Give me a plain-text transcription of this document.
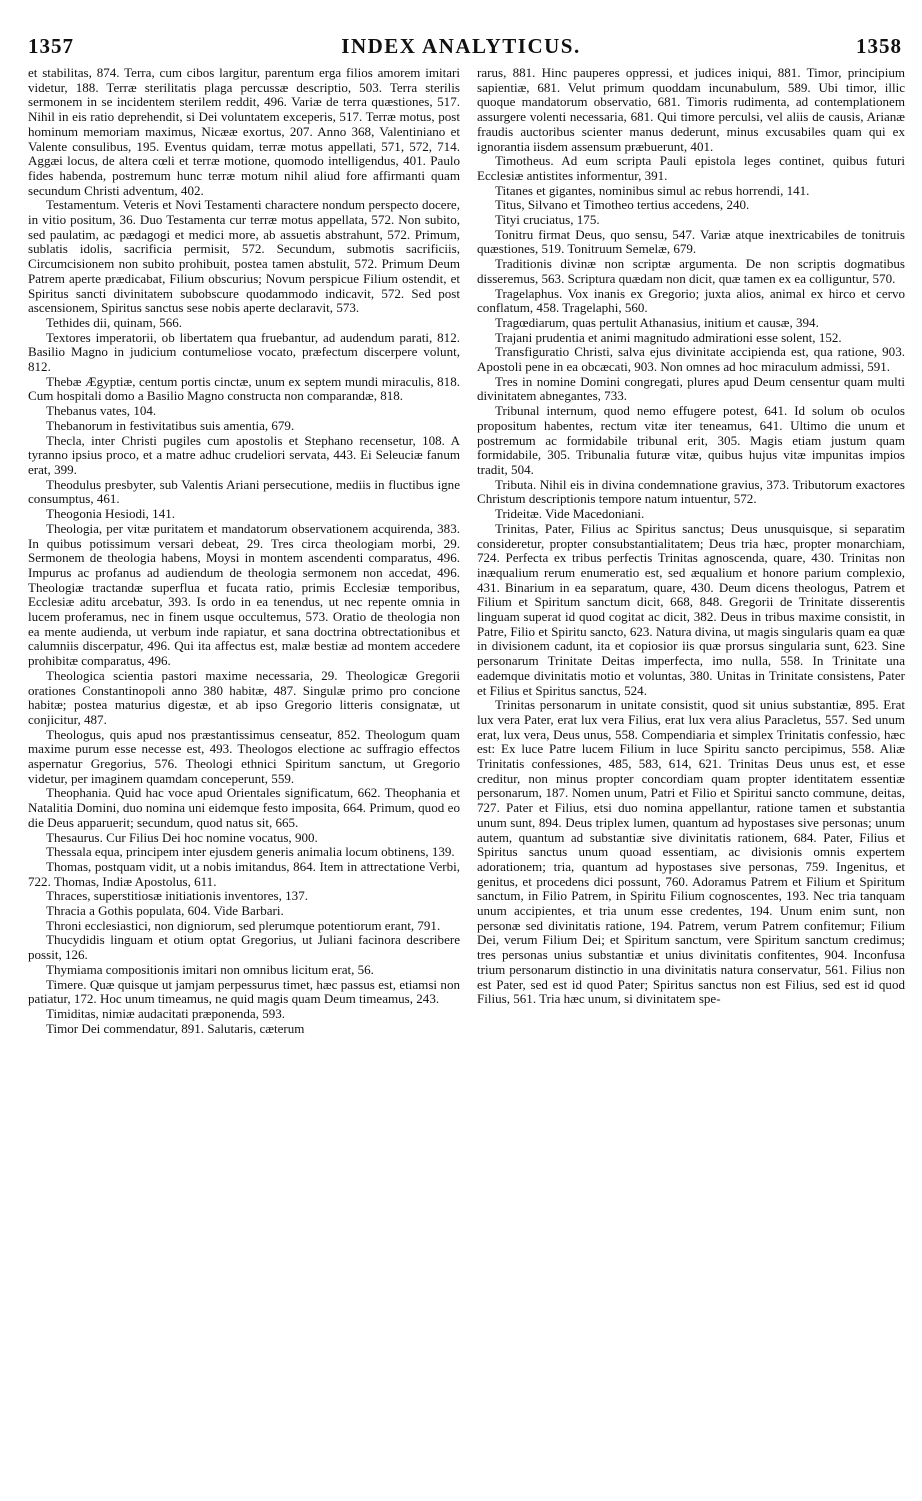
1357	INDEX ANALYTICUS.	1358

et stabilitas, 874. Terra, cum cibos largitur, parentum erga filios amorem imitari videtur, 188. Terræ sterilitatis plaga percussæ descriptio, 503. Terra sterilis sermonem in se incidentem sterilem reddit, 496. Variæ de terra quæstiones, 517. Nihil in eis ratio deprehendit, si Dei voluntatem exceperis, 517. Terræ motus, post hominum memoriam maximus, Nicææ exortus, 207. Anno 368, Valentiniano et Valente consulibus, 195. Eventus quidam, terræ motus appellati, 571, 572, 714. Aggæi locus, de altera cœli et terræ motione, quomodo intelligendus, 401. Paulo fides habenda, postremum hunc terræ motum nihil aliud fore affirmanti quam secundum Christi adventum, 402.

Testamentum. Veteris et Novi Testamenti charactere nondum perspecto docere, in vitio positum, 36. Duo Testamenta cur terræ motus appellata, 572. Non subito, sed paulatim, ac pædagogi et medici more, ab assuetis abstrahunt, 572. Primum, sublatis idolis, sacrificia permisit, 572. Secundum, submotis sacrificiis, Circumcisionem non subito prohibuit, postea tamen abstulit, 572. Primum Deum Patrem aperte prædicabat, Filium obscurius; Novum perspicue Filium ostendit, et Spiritus sancti divinitatem subobscure quodammodo indicavit, 572. Sed post ascensionem, Spiritus sanctus sese nobis aperte declaravit, 573.

Tethides dii, quinam, 566.

Textores imperatorii, ob libertatem qua fruebantur, ad audendum parati, 812. Basilio Magno in judicium contumeliose vocato, præfectum discerpere volunt, 812.

Thebæ Ægyptiæ, centum portis cinctæ, unum ex septem mundi miraculis, 818. Cum hospitali domo a Basilio Magno constructa non comparandæ, 818.

Thebanus vates, 104.

Thebanorum in festivitatibus suis amentia, 679.

Thecla, inter Christi pugiles cum apostolis et Stephano recensetur, 108. A tyranno ipsius proco, et a matre adhuc crudeliori servata, 443. Ei Seleuciæ fanum erat, 399.

Theodulus presbyter, sub Valentis Ariani persecutione, mediis in fluctibus igne consumptus, 461.

Theogonia Hesiodi, 141.

Theologia, per vitæ puritatem et mandatorum observationem acquirenda, 383. In quibus potissimum versari debeat, 29. Tres circa theologiam morbi, 29. Sermonem de theologia habens, Moysi in montem ascendenti comparatus, 496. Impurus ac profanus ad audiendum de theologia sermonem non accedat, 496. Theologiæ tractandæ superflua et fucata ratio, primis Ecclesiæ temporibus, Ecclesiæ aditu arcebatur, 393. Is ordo in ea tenendus, ut nec repente omnia in lucem proferamus, nec in finem usque occultemus, 573. Oratio de theologia non ea mente audienda, ut verbum inde rapiatur, et sana doctrina obtrectationibus et calumniis discerpatur, 496. Qui ita affectus est, malæ bestiæ ad montem accedere prohibitæ comparatus, 496.

Theologica scientia pastori maxime necessaria, 29. Theologicæ Gregorii orationes Constantinopoli anno 380 habitæ, 487. Singulæ primo pro concione habitæ; postea maturius digestæ, et ab ipso Gregorio litteris consignatæ, ut conjicitur, 487.

Theologus, quis apud nos præstantissimus censeatur, 852. Theologum quam maxime purum esse necesse est, 493. Theologos electione ac suffragio effectos aspernatur Gregorius, 576. Theologi ethnici Spiritum sanctum, ut Gregorio videtur, per imaginem quamdam conceperunt, 559.

Theophania. Quid hac voce apud Orientales significatum, 662. Theophania et Natalitia Domini, duo nomina uni eidemque festo imposita, 664. Primum, quod eo die Deus apparuerit; secundum, quod natus sit, 665.

Thesaurus. Cur Filius Dei hoc nomine vocatus, 900.

Thessala equa, principem inter ejusdem generis animalia locum obtinens, 139.

Thomas, postquam vidit, ut a nobis imitandus, 864. Item in attrectatione Verbi, 722. Thomas, Indiæ Apostolus, 611.

Thraces, superstitiosæ initiationis inventores, 137.

Thracia a Gothis populata, 604. Vide Barbari.

Throni ecclesiastici, non digniorum, sed plerumque potentiorum erant, 791.

Thucydidis linguam et otium optat Gregorius, ut Juliani facinora describere possit, 126.

Thymiama compositionis imitari non omnibus licitum erat, 56.

Timere. Quæ quisque ut jamjam perpessurus timet, hæc passus est, etiamsi non patiatur, 172. Hoc unum timeamus, ne quid magis quam Deum timeamus, 243.

Timiditas, nimiæ audacitati præponenda, 593.

Timor Dei commendatur, 891. Salutaris, cæterum

rarus, 881. Hinc pauperes oppressi, et judices iniqui, 881. Timor, principium sapientiæ, 681. Velut primum quoddam incunabulum, 589. Ubi timor, illic quoque mandatorum observatio, 681. Timoris rudimenta, ad contemplationem assurgere volenti necessaria, 681. Qui timore perculsi, vel aliis de causis, Arianæ fraudis auctoribus scienter manus dederunt, minus excusabiles quam qui ex ignorantia iisdem assensum præbuerunt, 401.

Timotheus. Ad eum scripta Pauli epistola leges continet, quibus futuri Ecclesiæ antistites informentur, 391.

Titanes et gigantes, nominibus simul ac rebus horrendi, 141.

Titus, Silvano et Timotheo tertius accedens, 240.

Tityi cruciatus, 175.

Tonitru firmat Deus, quo sensu, 547. Variæ atque inextricabiles de tonitruis quæstiones, 519. Tonitruum Semelæ, 679.

Traditionis divinæ non scriptæ argumenta. De non scriptis dogmatibus disseremus, 563. Scriptura quædam non dicit, quæ tamen ex ea colliguntur, 570.

Tragelaphus. Vox inanis ex Gregorio; juxta alios, animal ex hirco et cervo conflatum, 458. Tragelaphi, 560.

Tragœdiarum, quas pertulit Athanasius, initium et causæ, 394.

Trajani prudentia et animi magnitudo admirationi esse solent, 152.

Transfiguratio Christi, salva ejus divinitate accipienda est, qua ratione, 903. Apostoli pene in ea obcæcati, 903. Non omnes ad hoc miraculum admissi, 591.

Tres in nomine Domini congregati, plures apud Deum censentur quam multi divinitatem abnegantes, 733.

Tribunal internum, quod nemo effugere potest, 641. Id solum ob oculos propositum habentes, rectum vitæ iter teneamus, 641. Ultimo die unum et postremum ac formidabile tribunal erit, 305. Magis etiam justum quam formidabile, 305. Tribunalia futuræ vitæ, quibus hujus vitæ impunitas impios tradit, 504.

Tributa. Nihil eis in divina condemnatione gravius, 373. Tributorum exactores Christum descriptionis tempore natum intuentur, 572.

Trideitæ. Vide Macedoniani.

Trinitas, Pater, Filius ac Spiritus sanctus; Deus unusquisque, si separatim consideretur, propter consubstantialitatem; Deus tria hæc, propter monarchiam, 724. Perfecta ex tribus perfectis Trinitas agnoscenda, quare, 430. Trinitas non inæqualium rerum enumeratio est, sed æqualium et honore parium complexio, 431. Binarium in ea separatum, quare, 430. Deum dicens theologus, Patrem et Filium et Spiritum sanctum dicit, 668, 848. Gregorii de Trinitate disserentis linguam superat id quod cogitat ac dicit, 382. Deus in tribus maxime consistit, in Patre, Filio et Spiritu sancto, 623. Natura divina, ut magis singularis quam ea quæ in divisionem cadunt, ita et copiosior iis quæ prorsus singularia sunt, 623. Sine personarum Trinitate Deitas imperfecta, imo nulla, 558. In Trinitate una eademque divinitatis motio et voluntas, 380. Unitas in Trinitate consistens, Pater et Filius et Spiritus sanctus, 524.

Trinitas personarum in unitate consistit, quod sit unius substantiæ, 895. Erat lux vera Pater, erat lux vera Filius, erat lux vera alius Paracletus, 557. Sed unum erat, lux vera, Deus unus, 558. Compendiaria et simplex Trinitatis confessio, hæc est: Ex luce Patre lucem Filium in luce Spiritu sancto percipimus, 558. Aliæ Trinitatis confessiones, 485, 583, 614, 621. Trinitas Deus unus est, et esse creditur, non minus propter concordiam quam propter identitatem essentiæ personarum, 187. Nomen unum, Patri et Filio et Spiritui sancto commune, deitas, 727. Pater et Filius, etsi duo nomina appellantur, ratione tamen et substantia unum sunt, 894. Deus triplex lumen, quantum ad hypostases sive personas; unum autem, quantum ad substantiæ sive divinitatis rationem, 684. Pater, Filius et Spiritus sanctus unum quoad essentiam, ac divisionis omnis expertem adorationem; tria, quantum ad hypostases sive personas, 759. Ingenitus, et genitus, et procedens dici possunt, 760. Adoramus Patrem et Filium et Spiritum sanctum, in Filio Patrem, in Spiritu Filium cognoscentes, 193. Nec tria tanquam unum accipientes, et tria unum esse credentes, 194. Unum enim sunt, non personæ sed divinitatis ratione, 194. Patrem, verum Patrem confitemur; Filium Dei, verum Filium Dei; et Spiritum sanctum, vere Spiritum sanctum credimus; tres personas unius substantiæ et unius divinitatis confitentes, 904. Inconfusa trium personarum distinctio in una divinitatis natura conservatur, 561. Filius non est Pater, sed est id quod Pater; Spiritus sanctus non est Filius, sed est id quod Filius, 561. Tria hæc unum, si divinitatem spe-
